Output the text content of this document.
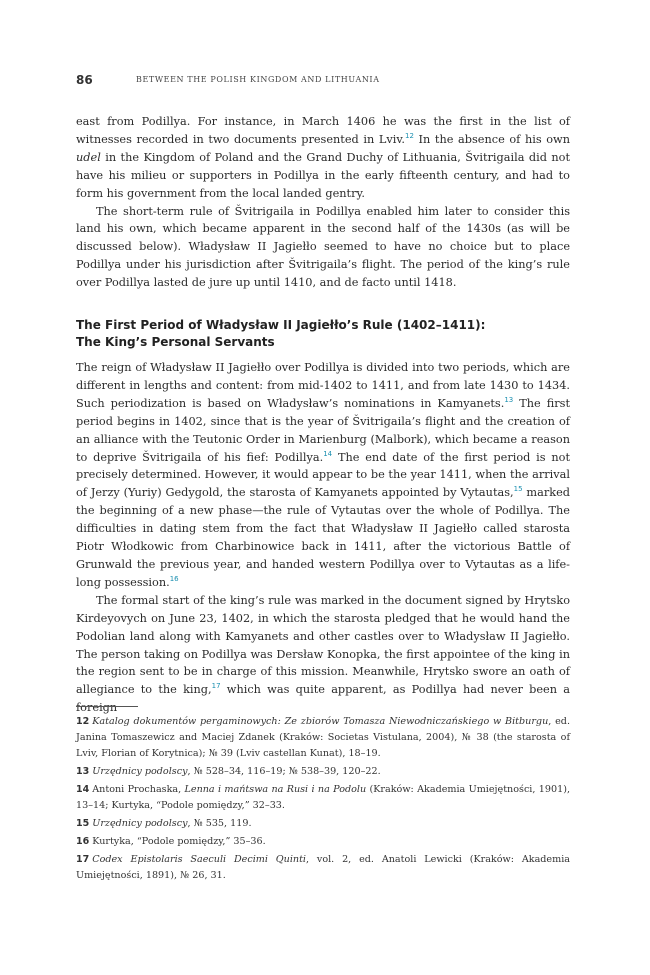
86	BETWEEN THE POLISH KINGDOM AND LITHUANIA

east from Podillya. For instance, in March 1406 he was the first in the list of witnesses recorded in two documents presented in Lviv.$^{12}$ In the absence of his own udel in the Kingdom of Poland and the Grand Duchy of Lithuania, Švitrigaila did not have his milieu or supporters in Podillya in the early fifteenth century, and had to form his government from the local landed gentry.

The short-term rule of Švitrigaila in Podillya enabled him later to consider this land his own, which became apparent in the second half of the 1430s (as will be discussed below). Władysław II Jagiełło seemed to have no choice but to place Podillya under his jurisdiction after Švitrigaila’s flight. The period of the king’s rule over Podillya lasted de jure up until 1410, and de facto until 1418.

The First Period of Władysław II Jagiełło’s Rule (1402–1411):
The King’s Personal Servants

The reign of Władysław II Jagiełło over Podillya is divided into two periods, which are different in lengths and content: from mid-1402 to 1411, and from late 1430 to 1434. Such periodization is based on Władysław’s nominations in Kamyanets.$^{13}$ The first period begins in 1402, since that is the year of Švitrigaila’s flight and the creation of an alliance with the Teutonic Order in Marienburg (Malbork), which became a reason to deprive Švitrigaila of his fief: Podillya.$^{14}$ The end date of the first period is not precisely determined. However, it would appear to be the year 1411, when the arrival of Jerzy (Yuriy) Gedygold, the starosta of Kamyanets appointed by Vytautas,$^{15}$ marked the beginning of a new phase—the rule of Vytautas over the whole of Podillya. The difficulties in dating stem from the fact that Władysław II Jagiełło called starosta Piotr Włodkowic from Charbinowice back in 1411, after the victorious Battle of Grunwald the previous year, and handed western Podillya over to Vytautas as a life-long possession.$^{16}$

The formal start of the king’s rule was marked in the document signed by Hrytsko Kirdeyovych on June 23, 1402, in which the starosta pledged that he would hand the Podolian land along with Kamyanets and other castles over to Władysław II Jagiełło. The person taking on Podillya was Dersław Konopka, the first appointee of the king in the region sent to be in charge of this mission. Meanwhile, Hrytsko swore an oath of allegiance to the king,$^{17}$ which was quite apparent, as Podillya had never been a foreign

12 Katalog dokumentów pergaminowych: Ze zbiorów Tomasza Niewodniczańskiego w Bitburgu, ed. Janina Tomaszewicz and Maciej Zdanek (Kraków: Societas Vistulana, 2004), № 38 (the starosta of Lviv, Florian of Korytnica); № 39 (Lviv castellan Kunat), 18–19.

13 Urzędnicy podolscy, № 528–34, 116–19; № 538–39, 120–22.

14 Antoni Prochaska, Lenna i mańtswa na Rusi i na Podolu (Kraków: Akademia Umiejętności, 1901), 13–14; Kurtyka, “Podole pomiędzy,” 32–33.

15 Urzędnicy podolscy, № 535, 119.

16 Kurtyka, “Podole pomiędzy,” 35–36.

17 Codex Epistolaris Saeculi Decimi Quinti, vol. 2, ed. Anatoli Lewicki (Kraków: Akademia Umiejętności, 1891), № 26, 31.
